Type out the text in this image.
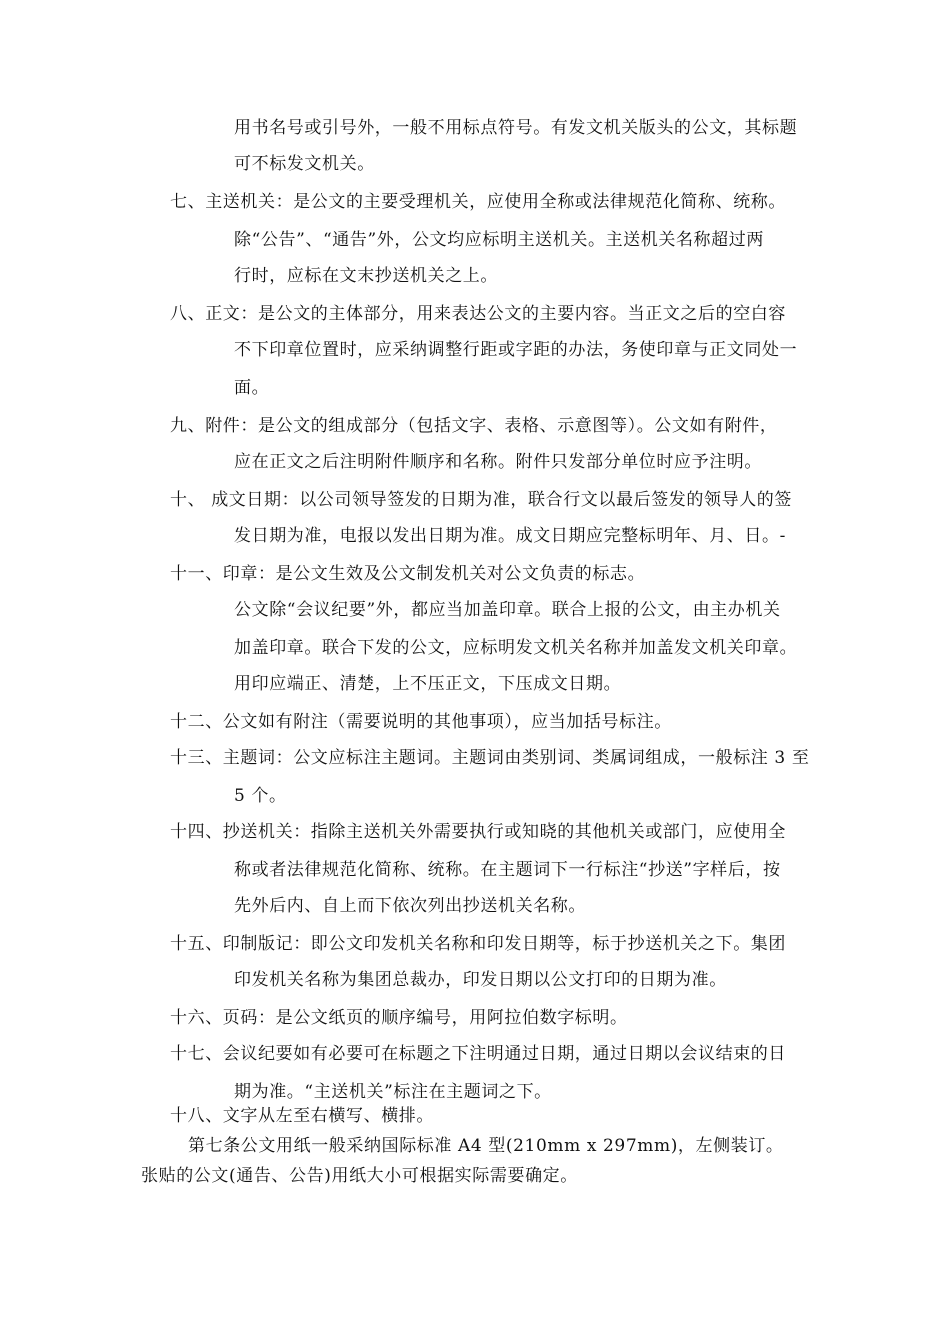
用书名号或引号外，一般不用标点符号。有发文机关版头的公文，其标题
可不标发文机关。
七、主送机关：是公文的主要受理机关，应使用全称或法律规范化简称、统称。
除“公告”、“通告”外，公文均应标明主送机关。主送机关名称超过两
行时，应标在文末抄送机关之上。
八、正文：是公文的主体部分，用来表达公文的主要内容。当正文之后的空白容
不下印章位置时，应采纳调整行距或字距的办法，务使印章与正文同处一
面。
九、附件：是公文的组成部分（包括文字、表格、示意图等）。公文如有附件，
应在正文之后注明附件顺序和名称。附件只发部分单位时应予注明。
十、 成文日期：以公司领导签发的日期为准，联合行文以最后签发的领导人的签
发日期为准，电报以发出日期为准。成文日期应完整标明年、月、日。-
十一、印章：是公文生效及公文制发机关对公文负责的标志。
公文除“会议纪要”外，都应当加盖印章。联合上报的公文，由主办机关
加盖印章。联合下发的公文，应标明发文机关名称并加盖发文机关印章。
用印应端正、清楚，上不压正文，下压成文日期。
十二、公文如有附注（需要说明的其他事项），应当加括号标注。
十三、主题词：公文应标注主题词。主题词由类别词、类属词组成，一般标注 3 至
5 个。
十四、抄送机关：指除主送机关外需要执行或知晓的其他机关或部门，应使用全
称或者法律规范化简称、统称。在主题词下一行标注“抄送”字样后，按
先外后内、自上而下依次列出抄送机关名称。
十五、印制版记：即公文印发机关名称和印发日期等，标于抄送机关之下。集团
印发机关名称为集团总裁办，印发日期以公文打印的日期为准。
十六、页码：是公文纸页的顺序编号，用阿拉伯数字标明。
十七、会议纪要如有必要可在标题之下注明通过日期，通过日期以会议结束的日
期为准。“主送机关”标注在主题词之下。
十八、文字从左至右横写、横排。
第七条公文用纸一般采纳国际标准 A4 型(210mm x 297mm)，左侧装订。
张贴的公文(通告、公告)用纸大小可根据实际需要确定。
